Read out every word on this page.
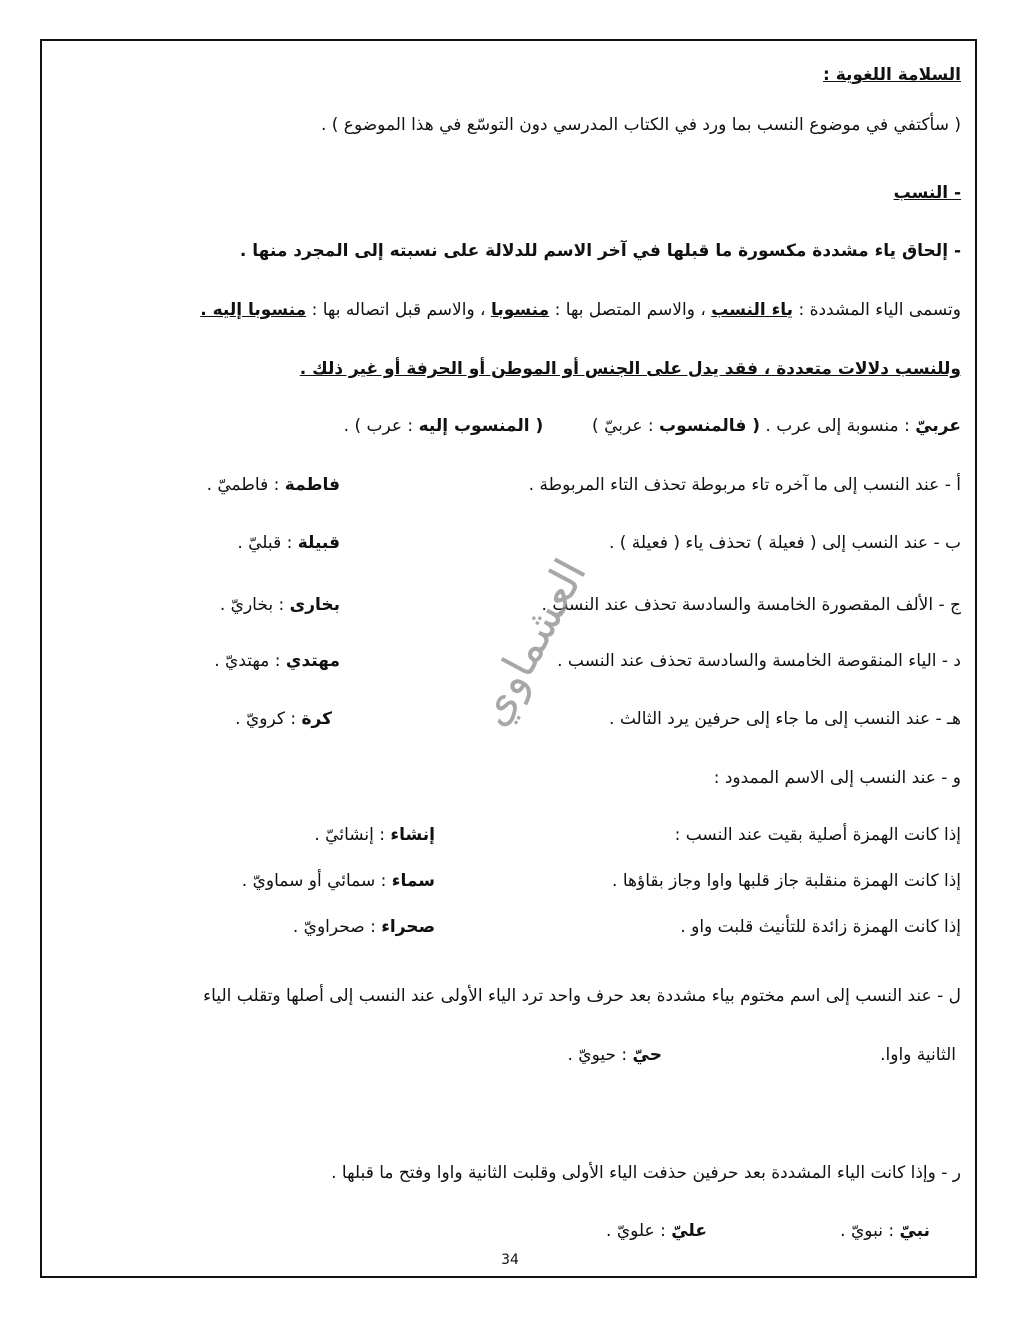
السلامة اللغوية :
( سأكتفي في موضوع النسب بما ورد في الكتاب المدرسي دون التوسّع في هذا الموضوع ) .
- النسب
- إلحاق ياء مشددة مكسورة ما قبلها في آخر الاسم للدلالة على نسبته إلى المجرد منها .
وتسمى الياء المشددة : ياء النسب ، والاسم المتصل بها : منسوبا ، والاسم قبل اتصاله بها : منسوبا إليه .
وللنسب دلالات متعددة ، فقد يدل على الجنس أو الموطن أو الحرفة أو غير ذلك .
عربيّ : منسوبة إلى عرب . ( فالمنسوب : عربيّ )  ( المنسوب إليه : عرب ) .
أ - عند النسب إلى ما آخره تاء مربوطة تحذف التاء المربوطة .
فاطمة : فاطميّ .
ب - عند النسب إلى ( فعيلة ) تحذف ياء ( فعيلة ) .
قبيلة : قبليّ .
ج - الألف المقصورة الخامسة والسادسة تحذف عند النسب .
بخارى : بخاريّ .
د - الياء المنقوصة الخامسة والسادسة تحذف عند النسب .
مهتدي : مهتديّ .
هـ - عند النسب إلى ما جاء إلى حرفين يرد الثالث .
كرة : كرويّ .
و - عند النسب إلى الاسم الممدود :
إذا كانت الهمزة أصلية بقيت عند النسب :
إنشاء : إنشائيّ .
إذا كانت الهمزة منقلبة جاز قلبها واوا وجاز بقاؤها .
سماء : سمائي أو سماويّ .
إذا كانت الهمزة زائدة للتأنيث قلبت واو .
صحراء : صحراويّ .
ل - عند النسب إلى اسم مختوم بياء مشددة بعد حرف واحد ترد الياء الأولى عند النسب إلى أصلها وتقلب الياء
الثانية واوا.
حيّ : حيويّ .
ر - وإذا كانت الياء المشددة بعد حرفين حذفت الياء الأولى وقلبت الثانية واوا وفتح ما قبلها .
نبيّ : نبويّ .
عليّ : علويّ .
العشماوي
34
